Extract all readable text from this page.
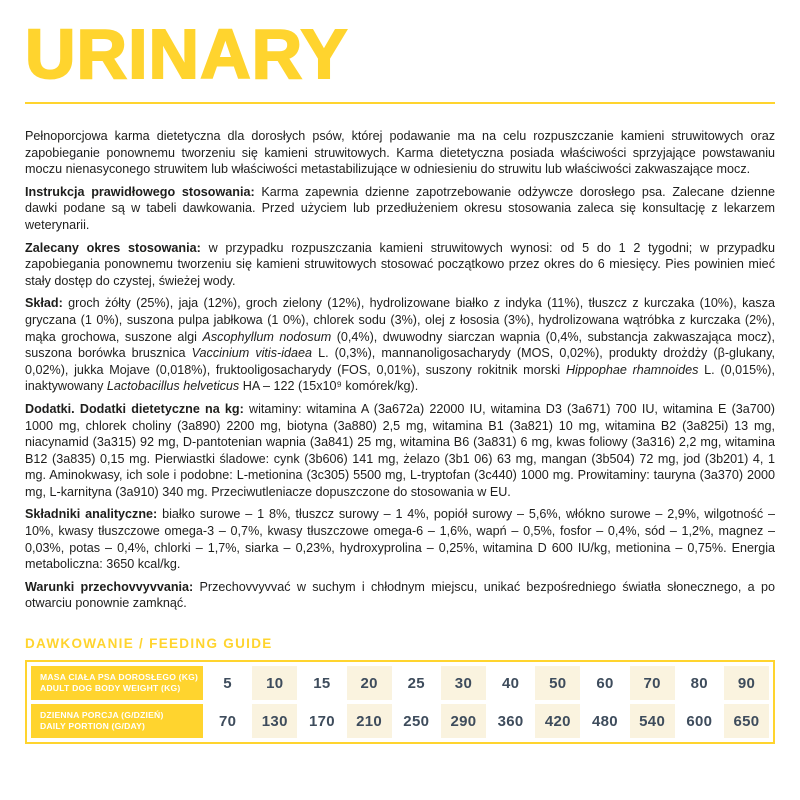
URINARY

Pełnoporcjowa karma dietetyczna dla dorosłych psów, której podawanie ma na celu rozpuszczanie kamieni struwitowych oraz zapobieganie ponownemu tworzeniu się kamieni struwitowych. Karma dietetyczna posiada właściwości sprzyjające powstawaniu moczu nienasyconego struwitem lub właściwości metastabilizujące w odniesieniu do struwitu lub właściwości zakwaszające mocz.

Instrukcja prawidłowego stosowania: Karma zapewnia dzienne zapotrzebowanie odżywcze dorosłego psa. Zalecane dzienne dawki podane są w tabeli dawkowania. Przed użyciem lub przedłużeniem okresu stosowania zaleca się konsultację z lekarzem weterynarii.

Zalecany okres stosowania: w przypadku rozpuszczania kamieni struwitowych wynosi: od 5 do 1 2 tygodni; w przypadku zapobiegania ponownemu tworzeniu się kamieni struwitowych stosować początkowo przez okres do 6 miesięcy. Pies powinien mieć stały dostęp do czystej, świeżej wody.

Skład: groch żółty (25%), jaja (12%), groch zielony (12%), hydrolizowane białko z indyka (11%), tłuszcz z kurczaka (10%), kasza gryczana (1 0%), suszona pulpa jabłkowa (1 0%), chlorek sodu (3%), olej z łososia (3%), hydrolizowana wątróbka z kurczaka (2%), mąka grochowa, suszone algi Ascophyllum nodosum (0,4%), dwuwodny siarczan wapnia (0,4%, substancja zakwaszająca mocz), suszona borówka brusznica Vaccinium vitis-idaea L. (0,3%), mannanoligosacharydy (MOS, 0,02%), produkty drożdży (β-glukany, 0,02%), jukka Mojave (0,018%), fruktooligosacharydy (FOS, 0,01%), suszony rokitnik morski Hippophae rhamnoides L. (0,015%), inaktywowany Lactobacillus helveticus HA – 122 (15x10⁹ komórek/kg).

Dodatki. Dodatki dietetyczne na kg: witaminy: witamina A (3a672a) 22000 IU, witamina D3 (3a671) 700 IU, witamina E (3a700) 1000 mg, chlorek choliny (3a890) 2200 mg, biotyna (3a880) 2,5 mg, witamina B1 (3a821) 10 mg, witamina B2 (3a825i) 13 mg, niacynamid (3a315) 92 mg, D-pantotenian wapnia (3a841) 25 mg, witamina B6 (3a831) 6 mg, kwas foliowy (3a316) 2,2 mg, witamina B12 (3a835) 0,15 mg. Pierwiastki śladowe: cynk (3b606) 141 mg, żelazo (3b1 06) 63 mg, mangan (3b504) 72 mg, jod (3b201) 4, 1 mg. Aminokwasy, ich sole i podobne: L-metionina (3c305) 5500 mg, L-tryptofan (3c440) 1000 mg. Prowitaminy: tauryna (3a370) 2000 mg, L-karnityna (3a910) 340 mg. Przeciwutleniacze dopuszczone do stosowania w EU.

Składniki analityczne: białko surowe – 1 8%, tłuszcz surowy – 1 4%, popiół surowy – 5,6%, włókno surowe – 2,9%, wilgotność – 10%, kwasy tłuszczowe omega-3 – 0,7%, kwasy tłuszczowe omega-6 – 1,6%, wapń – 0,5%, fosfor – 0,4%, sód – 1,2%, magnez – 0,03%, potas – 0,4%, chlorki – 1,7%, siarka – 0,23%, hydroxyprolina – 0,25%, witamina D 600 IU/kg, metionina – 0,75%. Energia metaboliczna: 3650 kcal/kg.

Warunki przechovvyvvania: Przechovvyvvać w suchym i chłodnym miejscu, unikać bezpośredniego światła słonecznego, a po otwarciu ponownie zamknąć.

DAWKOWANIE / FEEDING GUIDE
MASA CIAŁA PSA DOROSŁEGO (KG)
ADULT DOG BODY WEIGHT (KG)	5	10	15	20	25	30	40	50	60	70	80	90
DZIENNA PORCJA (G/DZIEŃ)
DAILY PORTION (G/DAY)	70	130	170	210	250	290	360	420	480	540	600	650
